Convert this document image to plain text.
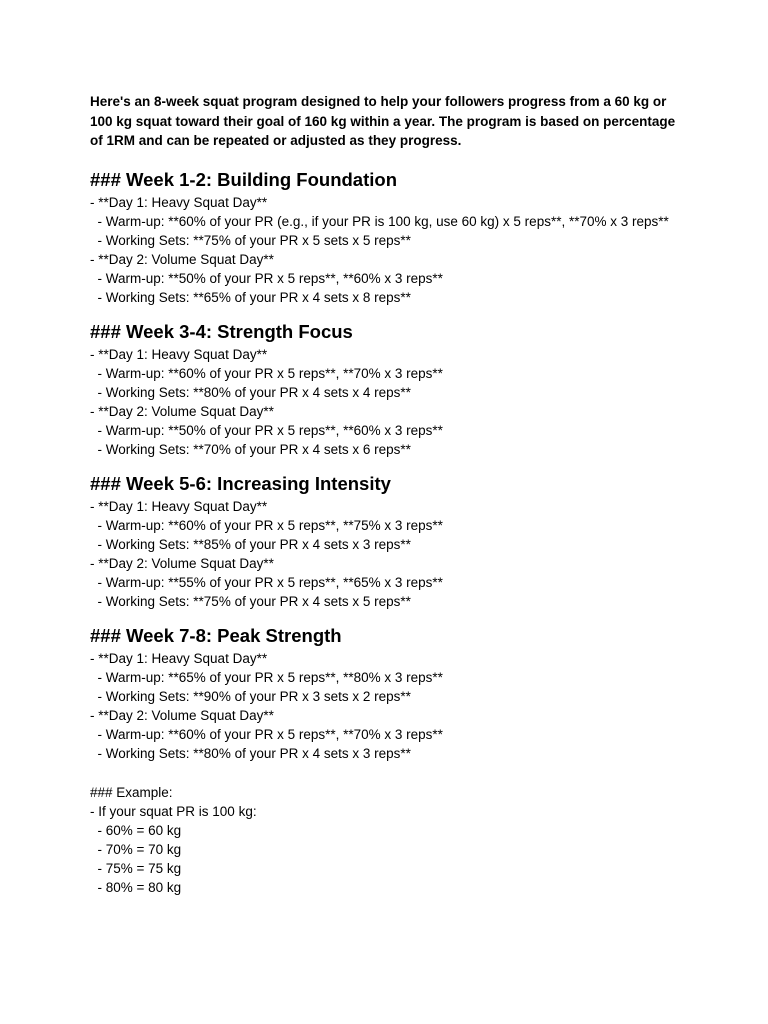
Here's an 8-week squat program designed to help your followers progress from a 60 kg or 100 kg squat toward their goal of 160 kg within a year. The program is based on percentage of 1RM and can be repeated or adjusted as they progress.

### Week 1-2: Building Foundation

- **Day 1: Heavy Squat Day**

- Warm-up: **60% of your PR (e.g., if your PR is 100 kg, use 60 kg) x 5 reps**, **70% x 3 reps**

- Working Sets: **75% of your PR x 5 sets x 5 reps**

- **Day 2: Volume Squat Day**

- Warm-up: **50% of your PR x 5 reps**, **60% x 3 reps**

- Working Sets: **65% of your PR x 4 sets x 8 reps**

### Week 3-4: Strength Focus

- **Day 1: Heavy Squat Day**

- Warm-up: **60% of your PR x 5 reps**, **70% x 3 reps**

- Working Sets: **80% of your PR x 4 sets x 4 reps**

- **Day 2: Volume Squat Day**

- Warm-up: **50% of your PR x 5 reps**, **60% x 3 reps**

- Working Sets: **70% of your PR x 4 sets x 6 reps**

### Week 5-6: Increasing Intensity

- **Day 1: Heavy Squat Day**

- Warm-up: **60% of your PR x 5 reps**, **75% x 3 reps**

- Working Sets: **85% of your PR x 4 sets x 3 reps**

- **Day 2: Volume Squat Day**

- Warm-up: **55% of your PR x 5 reps**, **65% x 3 reps**

- Working Sets: **75% of your PR x 4 sets x 5 reps**

### Week 7-8: Peak Strength

- **Day 1: Heavy Squat Day**

- Warm-up: **65% of your PR x 5 reps**, **80% x 3 reps**

- Working Sets: **90% of your PR x 3 sets x 2 reps**

- **Day 2: Volume Squat Day**

- Warm-up: **60% of your PR x 5 reps**, **70% x 3 reps**

- Working Sets: **80% of your PR x 4 sets x 3 reps**

### Example:

- If your squat PR is 100 kg:

- 60% = 60 kg

- 70% = 70 kg

- 75% = 75 kg

- 80% = 80 kg
